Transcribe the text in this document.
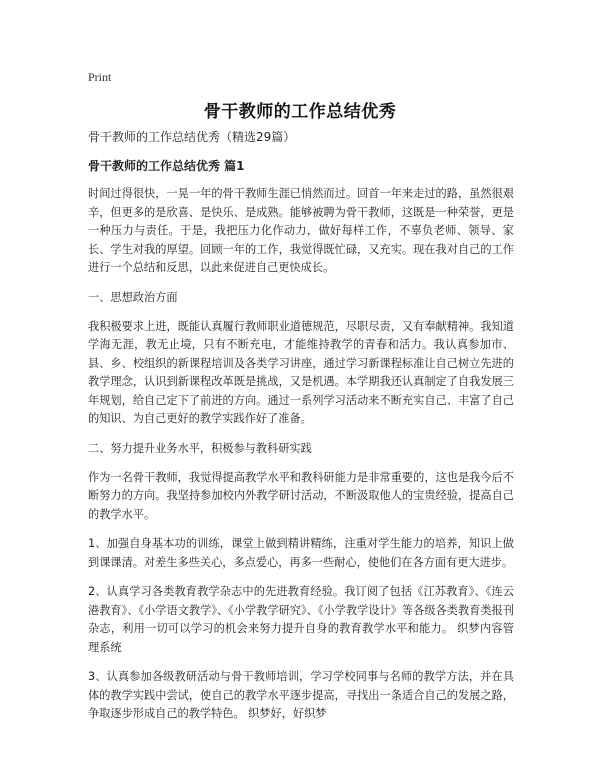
Print
骨干教师的工作总结优秀
骨干教师的工作总结优秀（精选29篇）
骨干教师的工作总结优秀 篇1

时间过得很快，一晃一年的骨干教师生涯已悄然而过。回首一年来走过的路，虽然很艰辛，但更多的是欣喜、是快乐、是成熟。能够被聘为骨干教师，这既是一种荣誉，更是一种压力与责任。于是，我把压力化作动力，做好每样工作，不辜负老师、领导、家长、学生对我的厚望。回顾一年的工作，我觉得既忙碌，又充实。现在我对自己的工作进行一个总结和反思，以此来促进自己更快成长。

一、思想政治方面

我积极要求上进，既能认真履行教师职业道德规范，尽职尽责，又有奉献精神。我知道学海无涯，教无止境，只有不断充电，才能维持教学的青春和活力。我认真参加市、县、乡、校组织的新课程培训及各类学习讲座，通过学习新课程标准让自己树立先进的教学理念，认识到新课程改革既是挑战，又是机遇。本学期我还认真制定了自我发展三年规划，给自己定下了前进的方向。通过一系列学习活动来不断充实自己、丰富了自己的知识、为自己更好的教学实践作好了准备。

二、努力提升业务水平，积极参与教科研实践

作为一名骨干教师，我觉得提高教学水平和教科研能力是非常重要的，这也是我今后不断努力的方向。我坚持参加校内外教学研讨活动，不断汲取他人的宝贵经验，提高自己的教学水平。

1、加强自身基本功的训练，课堂上做到精讲精练，注重对学生能力的培养，知识上做到课课清。对差生多些关心，多点爱心，再多一些耐心，使他们在各方面有更大进步。

2、认真学习各类教育教学杂志中的先进教育经验。我订阅了包括《江苏教育》、《连云港教育》、《小学语文教学》、《小学教学研究》、《小学教学设计》等各级各类教育类报刊杂志，利用一切可以学习的机会来努力提升自身的教育教学水平和能力。 织梦内容管理系统

3、认真参加各级教研活动与骨干教师培训，学习学校同事与名师的教学方法，并在具体的教学实践中尝试，使自己的教学水平逐步提高，寻找出一条适合自己的发展之路，争取逐步形成自己的教学特色。 织梦好，好织梦
